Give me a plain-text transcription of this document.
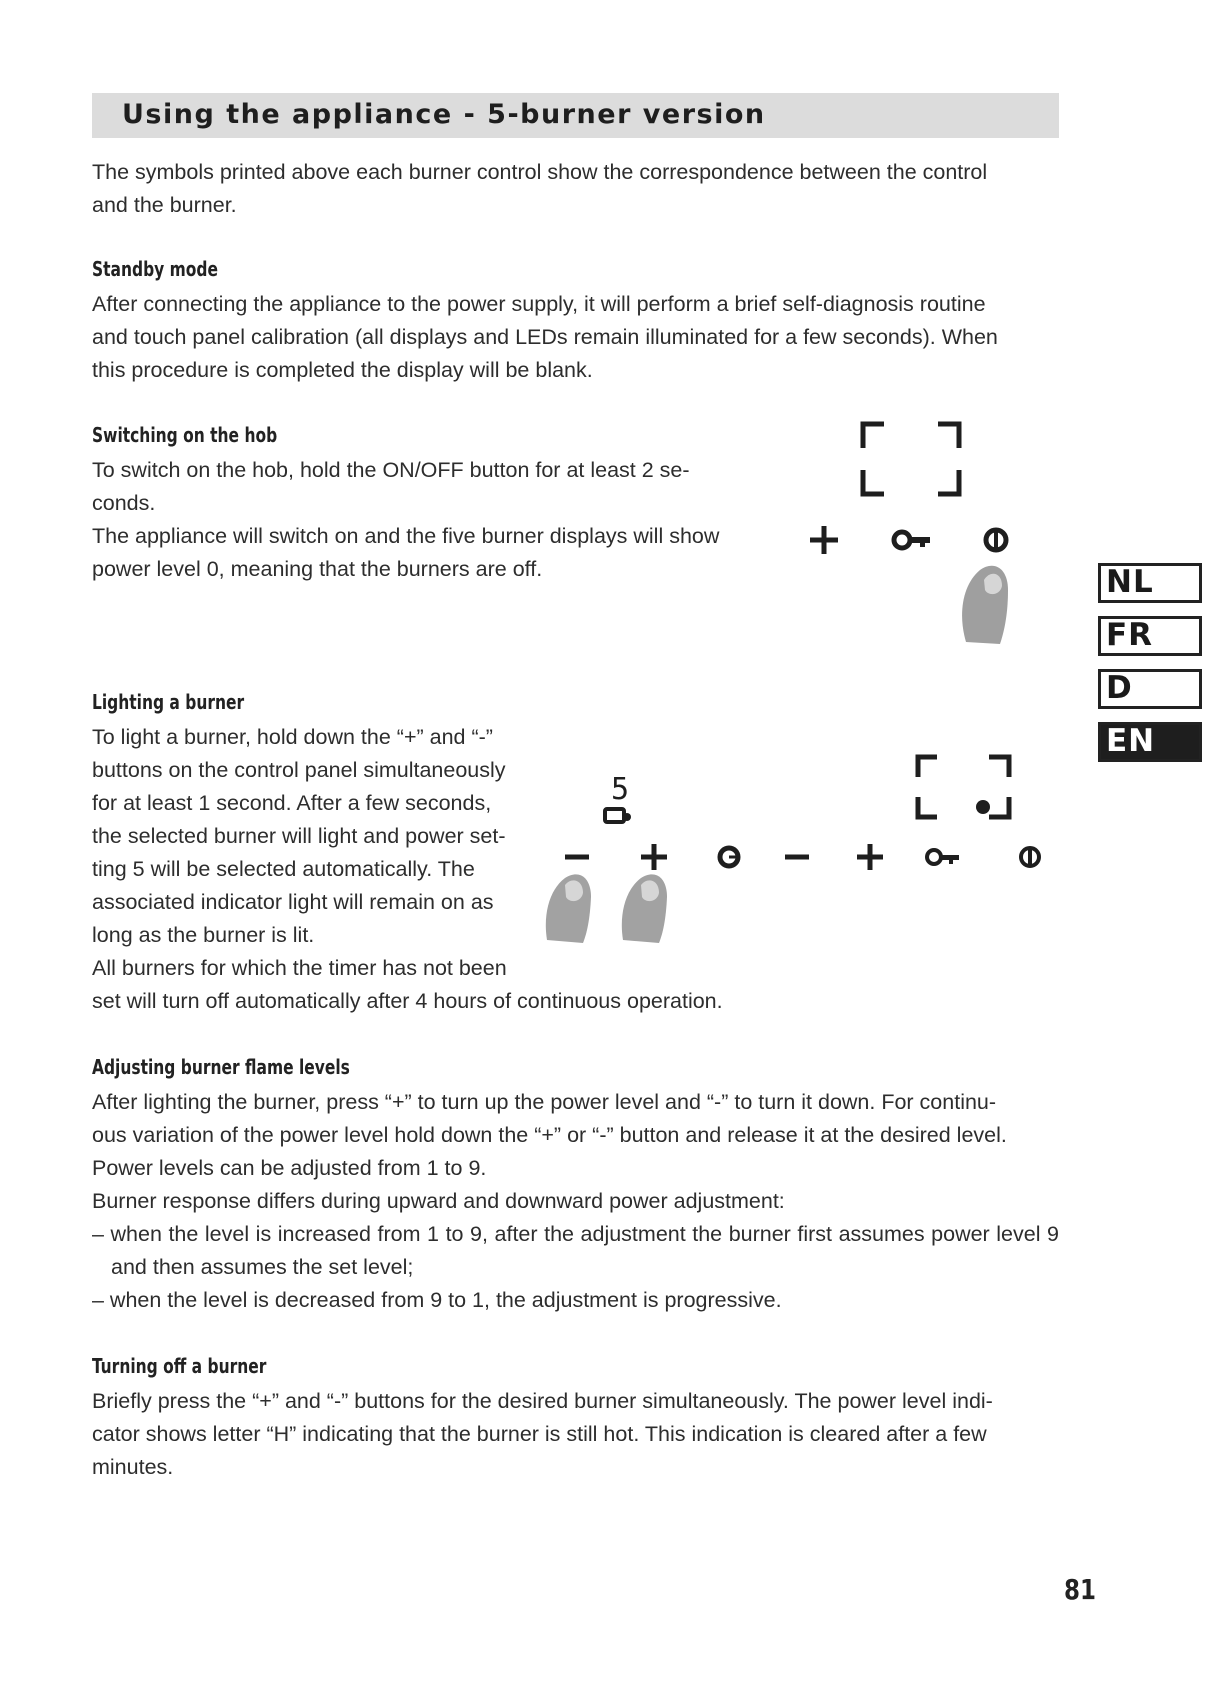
Using the appliance - 5-burner version

The symbols printed above each burner control show the correspondence between the control
and the burner.

Standby mode

After connecting the appliance to the power supply, it will perform a brief self-diagnosis routine
and touch panel calibration (all displays and LEDs remain illuminated for a few seconds). When
this procedure is completed the display will be blank.

Switching on the hob

To switch on the hob, hold the ON/OFF button for at least 2 se-
conds.
The appliance will switch on and the five burner displays will show
power level 0, meaning that the burners are off.

Lighting a burner

To light a burner, hold down the “+” and “-”
buttons on the control panel simultaneously
for at least 1 second. After a few seconds,
the selected burner will light and power set-
ting 5 will be selected automatically. The
associated indicator light will remain on as
long as the burner is lit.
All burners for which the timer has not been

set will turn off automatically after 4 hours of continuous operation.

5
Adjusting burner flame levels

After lighting the burner, press “+” to turn up the power level and “-” to turn it down. For continu-
ous variation of the power level hold down the “+” or “-” button and release it at the desired level.
Power levels can be adjusted from 1 to 9.
Burner response differs during upward and downward power adjustment:
– when the level is increased from 1 to 9, after the adjustment the burner first assumes power level 9 and then assumes the set level;
– when the level is decreased from 9 to 1, the adjustment is progressive.

Turning off a burner

Briefly press the “+” and “-” buttons for the desired burner simultaneously. The power level indi-
cator shows letter “H” indicating that the burner is still hot. This indication is cleared after a few
minutes.

NL
FR
D
EN
81
